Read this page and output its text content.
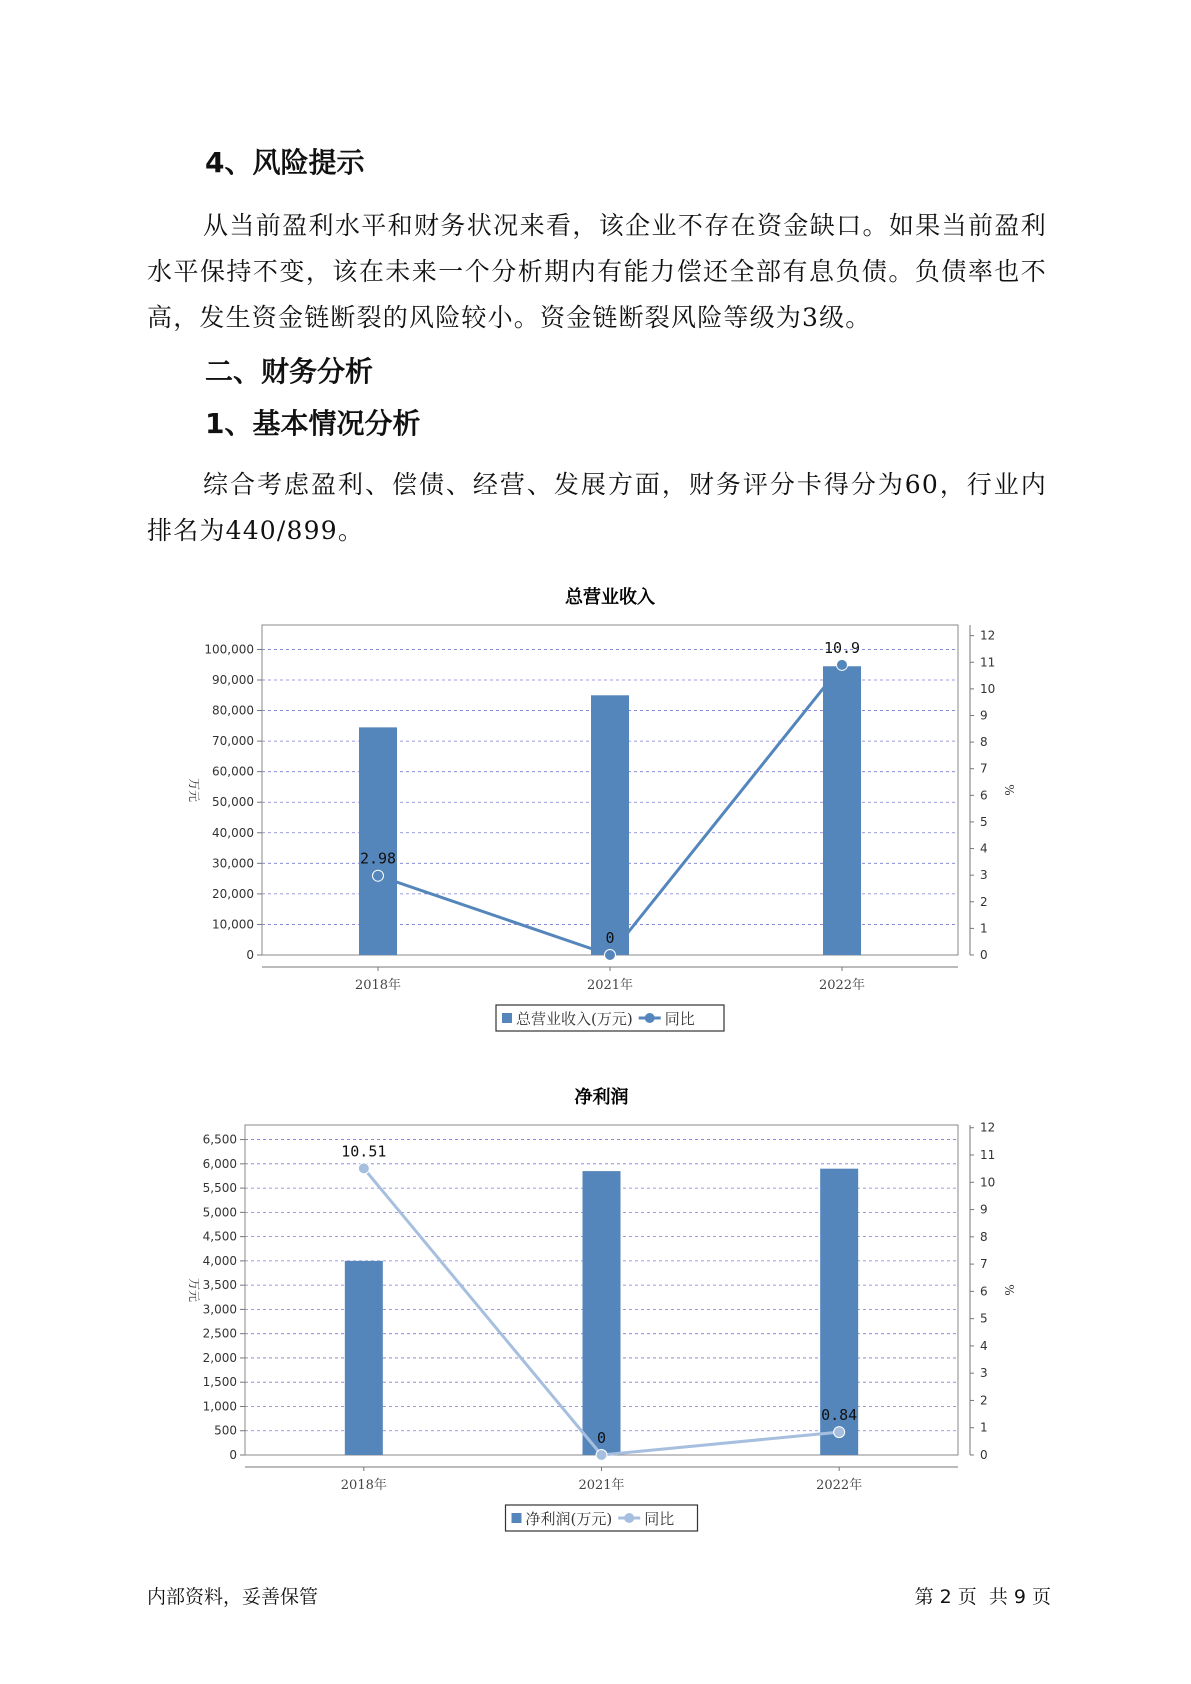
4、风险提示

从当前盈利水平和财务状况来看，该企业不存在资金缺口。如果当前盈利水平保持不变，该在未来一个分析期内有能力偿还全部有息负债。负债率也不高，发生资金链断裂的风险较小。资金链断裂风险等级为3级。

二、财务分析
1、基本情况分析

综合考虑盈利、偿债、经营、发展方面，财务评分卡得分为60，行业内排名为440/899。

总营业收入
0
10,000
20,000
30,000
40,000
50,000
60,000
70,000
80,000
90,000
100,000
0
1
2
3
4
5
6
7
8
9
10
11
12
万元	%
2018年	2021年	2022年
2.98
0
10.9
总营业收入(万元) 同比
净利润
0
500
1,000
1,500
2,000
2,500
3,000
3,500
4,000
4,500
5,000
5,500
6,000
6,500
0
1
2
3
4
5
6
7
8
9
10
11
12
万元	%
2018年	2021年	2022年
10.51
0
0.84
净利润(万元) 同比
内部资料，妥善保管	第 2 页  共 9 页
